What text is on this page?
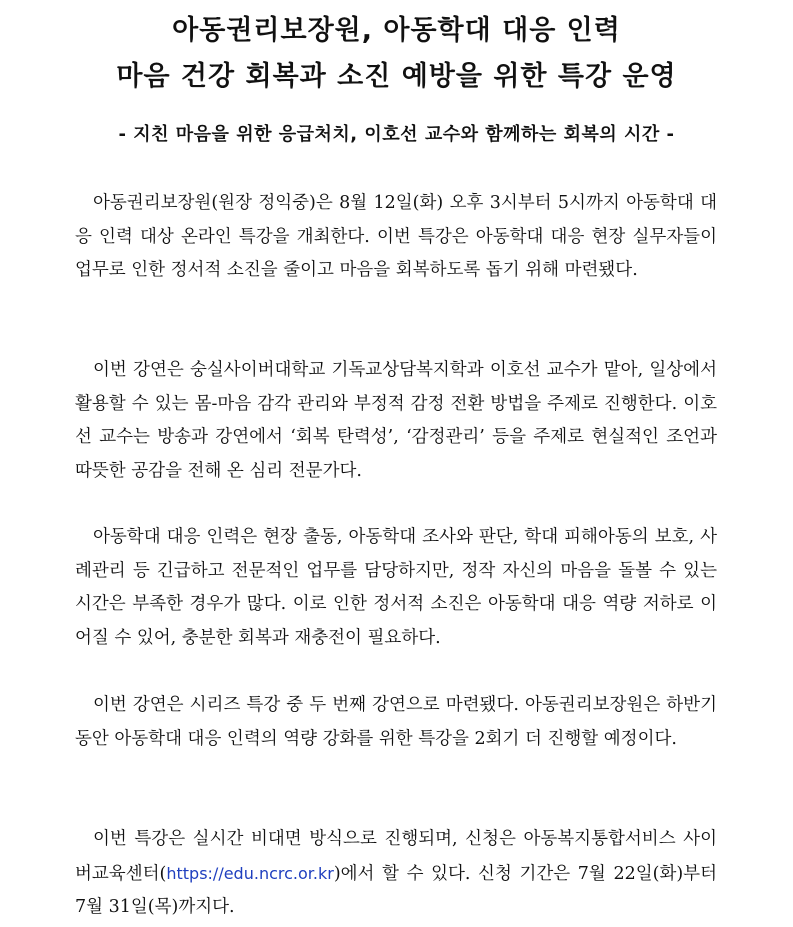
아동권리보장원, 아동학대 대응 인력
마음 건강 회복과 소진 예방을 위한 특강 운영
- 지친 마음을 위한 응급처치, 이호선 교수와 함께하는 회복의 시간 -

아동권리보장원(원장 정익중)은 8월 12일(화) 오후 3시부터 5시까지 아동학대 대응 인력 대상 온라인 특강을 개최한다. 이번 특강은 아동학대 대응 현장 실무자들이 업무로 인한 정서적 소진을 줄이고 마음을 회복하도록 돕기 위해 마련됐다.

이번 강연은 숭실사이버대학교 기독교상담복지학과 이호선 교수가 맡아, 일상에서 활용할 수 있는 몸-마음 감각 관리와 부정적 감정 전환 방법을 주제로 진행한다. 이호선 교수는 방송과 강연에서 ‘회복 탄력성’, ‘감정관리’ 등을 주제로 현실적인 조언과 따뜻한 공감을 전해 온 심리 전문가다.

아동학대 대응 인력은 현장 출동, 아동학대 조사와 판단, 학대 피해아동의 보호, 사례관리 등 긴급하고 전문적인 업무를 담당하지만, 정작 자신의 마음을 돌볼 수 있는 시간은 부족한 경우가 많다. 이로 인한 정서적 소진은 아동학대 대응 역량 저하로 이어질 수 있어, 충분한 회복과 재충전이 필요하다.

이번 강연은 시리즈 특강 중 두 번째 강연으로 마련됐다. 아동권리보장원은 하반기 동안 아동학대 대응 인력의 역량 강화를 위한 특강을 2회기 더 진행할 예정이다.

이번 특강은 실시간 비대면 방식으로 진행되며, 신청은 아동복지통합서비스 사이버교육센터(https://edu.ncrc.or.kr)에서 할 수 있다. 신청 기간은 7월 22일(화)부터 7월 31일(목)까지다.
